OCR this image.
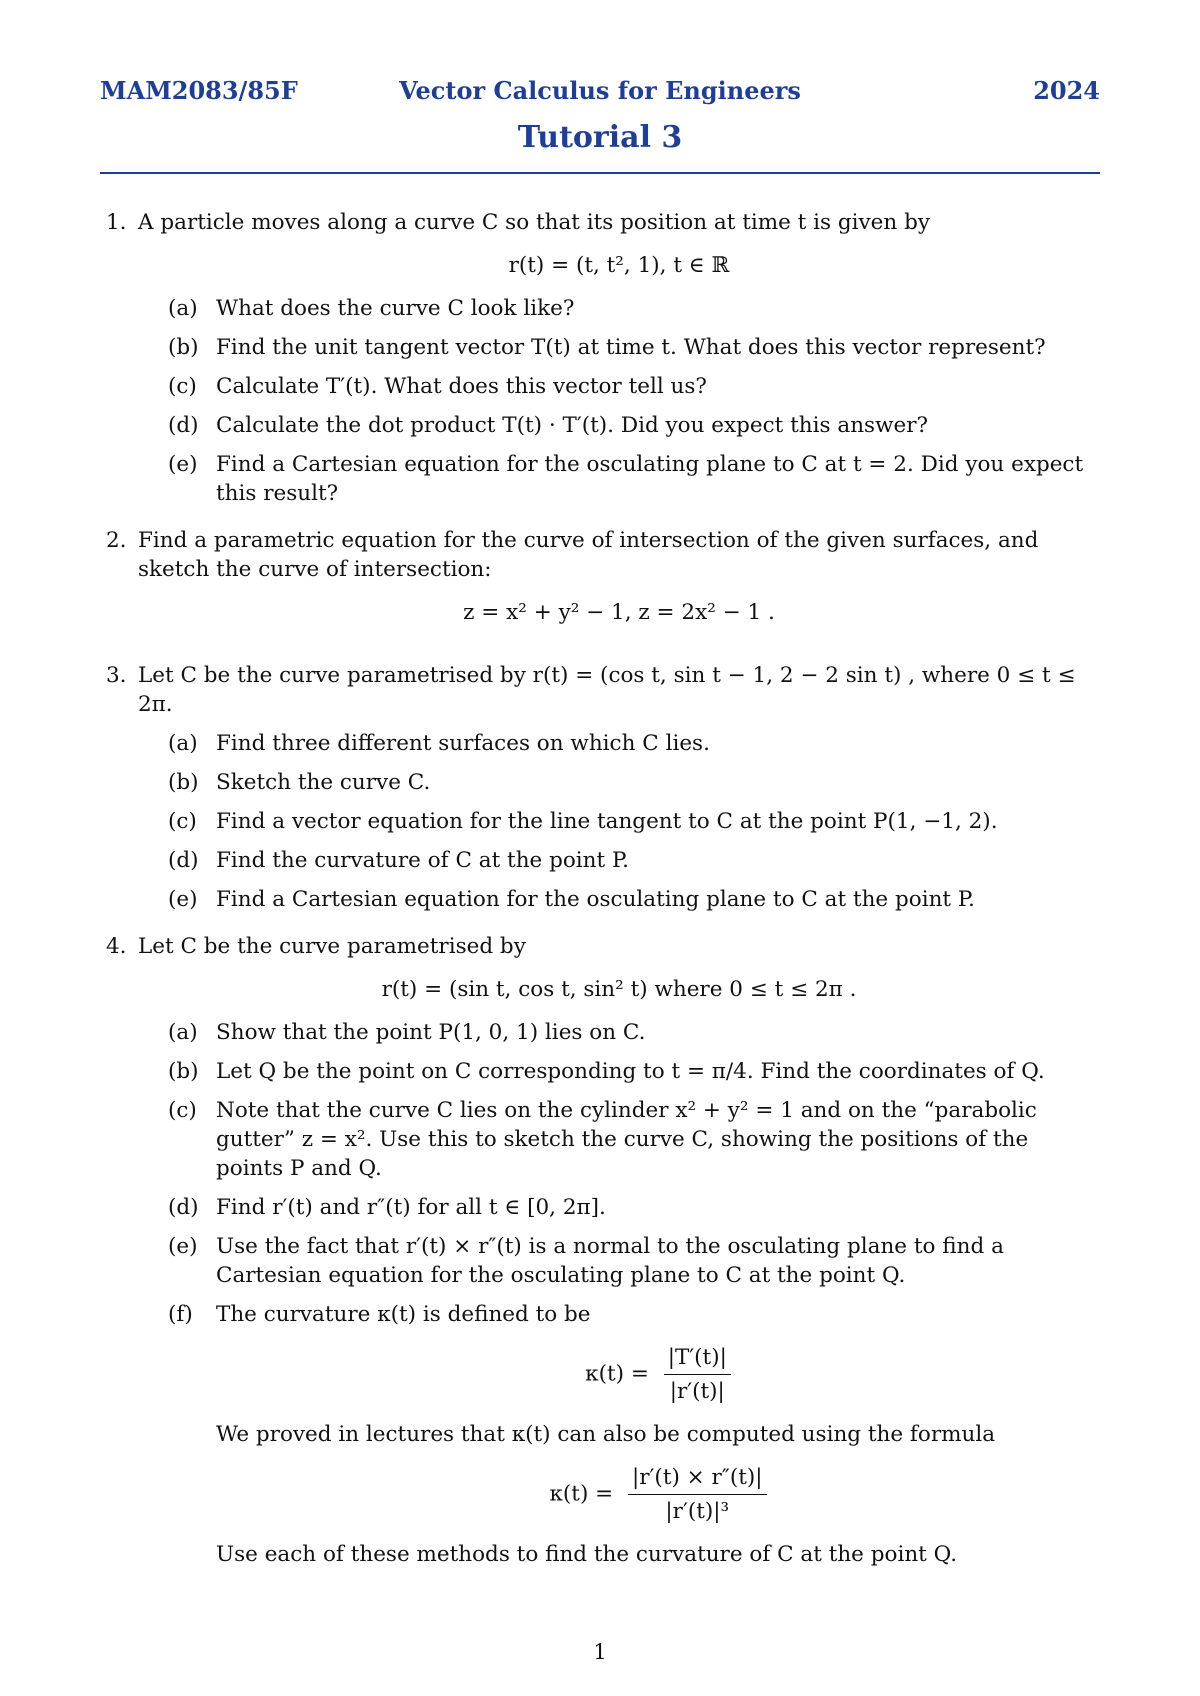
MAM2083/85F	Vector Calculus for Engineers	2024
Tutorial 3
1. A particle moves along a curve C so that its position at time t is given by
r(t) = (t, t², 1), t ∈ ℝ
(a) What does the curve C look like?
(b) Find the unit tangent vector T(t) at time t. What does this vector represent?
(c) Calculate T′(t). What does this vector tell us?
(d) Calculate the dot product T(t) · T′(t). Did you expect this answer?
(e) Find a Cartesian equation for the osculating plane to C at t = 2. Did you expect this result?
2. Find a parametric equation for the curve of intersection of the given surfaces, and sketch the curve of intersection:
z = x² + y² − 1, z = 2x² − 1 .
3. Let C be the curve parametrised by r(t) = (cos t, sin t − 1, 2 − 2 sin t) , where 0 ≤ t ≤ 2π.
(a) Find three different surfaces on which C lies.
(b) Sketch the curve C.
(c) Find a vector equation for the line tangent to C at the point P(1, −1, 2).
(d) Find the curvature of C at the point P.
(e) Find a Cartesian equation for the osculating plane to C at the point P.
4. Let C be the curve parametrised by
r(t) = (sin t, cos t, sin² t) where 0 ≤ t ≤ 2π .
(a) Show that the point P(1, 0, 1) lies on C.
(b) Let Q be the point on C corresponding to t = π/4. Find the coordinates of Q.
(c) Note that the curve C lies on the cylinder x² + y² = 1 and on the “parabolic gutter” z = x². Use this to sketch the curve C, showing the positions of the points P and Q.
(d) Find r′(t) and r″(t) for all t ∈ [0, 2π].
(e) Use the fact that r′(t) × r″(t) is a normal to the osculating plane to find a Cartesian equation for the osculating plane to C at the point Q.
(f) The curvature κ(t) is defined to be
$\kappa(t) = \frac{|T'(t)|}{|r'(t)|}$
We proved in lectures that κ(t) can also be computed using the formula
$\kappa(t) = \frac{|r'(t) \times r''(t)|}{\text{|r′(t)|³}}$
Use each of these methods to find the curvature of C at the point Q.
1
